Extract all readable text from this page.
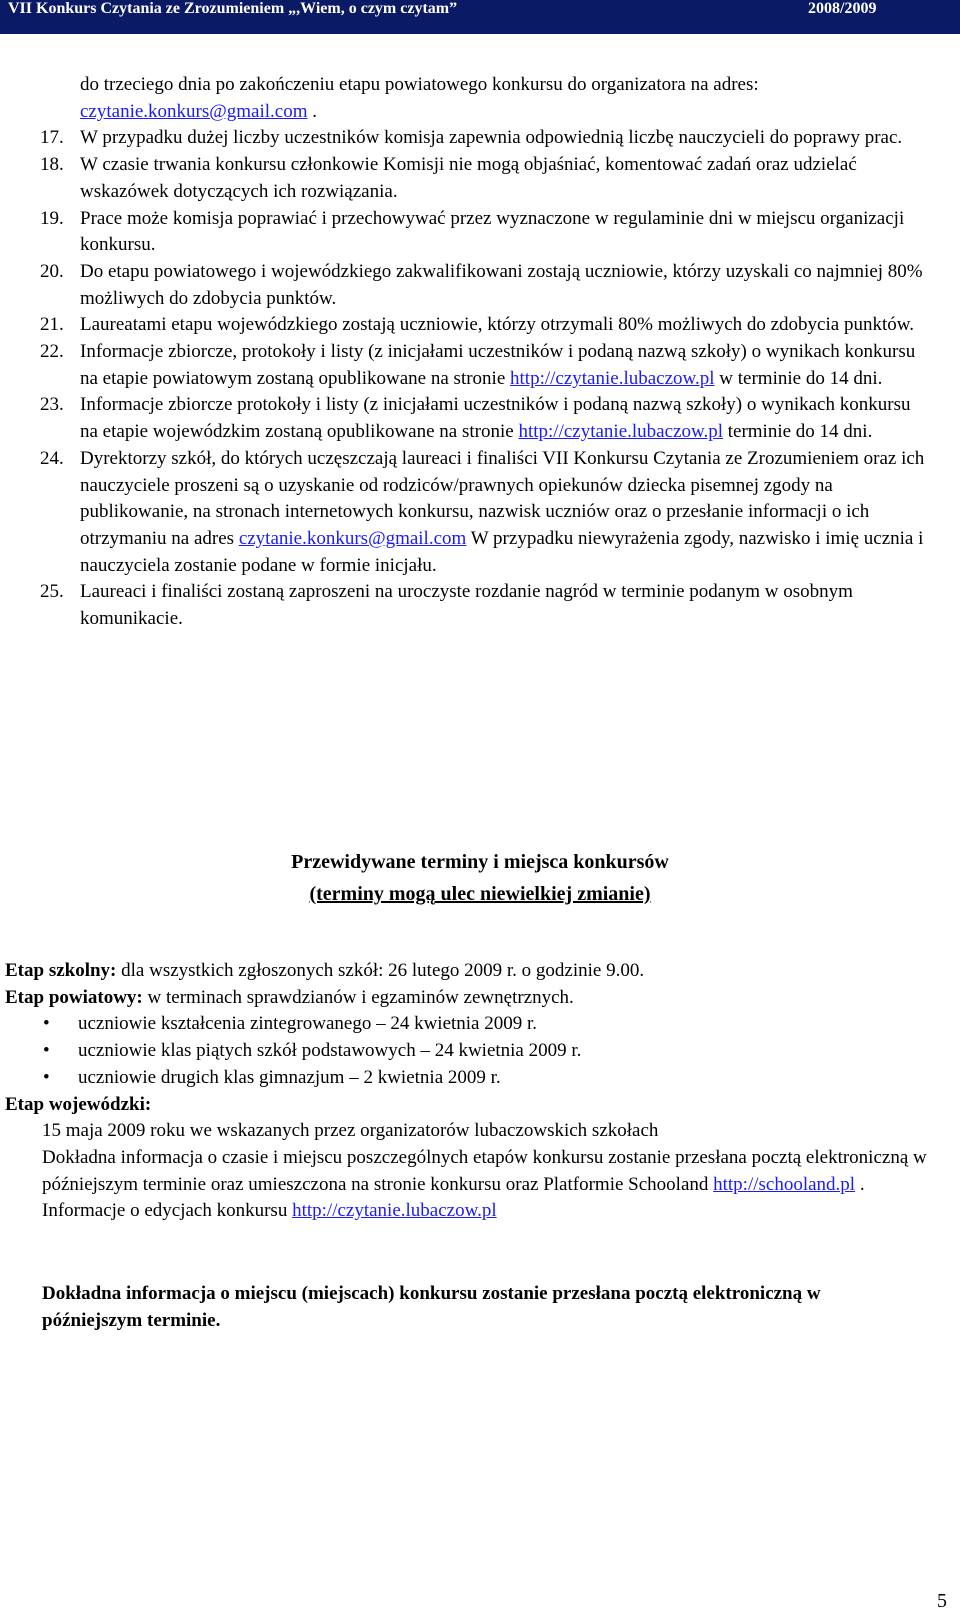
VII Konkurs Czytania ze Zrozumieniem „,Wiem, o czym czytam”	2008/2009

do trzeciego dnia po zakończeniu etapu powiatowego konkursu do organizatora na adres:
czytanie.konkurs@gmail.com .

17. W przypadku dużej liczby uczestników komisja zapewnia odpowiednią liczbę nauczycieli do poprawy prac.

18. W czasie trwania konkursu członkowie Komisji nie mogą objaśniać, komentować zadań oraz udzielać wskazówek dotyczących ich rozwiązania.

19. Prace może komisja poprawiać i przechowywać przez wyznaczone w regulaminie dni w miejscu organizacji konkursu.

20. Do etapu powiatowego i wojewódzkiego zakwalifikowani zostają uczniowie, którzy uzyskali co najmniej 80% możliwych do zdobycia punktów.

21. Laureatami etapu wojewódzkiego zostają uczniowie, którzy otrzymali 80% możliwych do zdobycia punktów.

22. Informacje zbiorcze, protokoły i listy (z inicjałami uczestników i podaną nazwą szkoły) o wynikach konkursu na etapie powiatowym zostaną opublikowane na stronie http://czytanie.lubaczow.pl w terminie do 14 dni.

23. Informacje zbiorcze protokoły i listy (z inicjałami uczestników i podaną nazwą szkoły) o wynikach konkursu na etapie wojewódzkim zostaną opublikowane na stronie http://czytanie.lubaczow.pl terminie do 14 dni.

24. Dyrektorzy szkół, do których uczęszczają laureaci i finaliści VII Konkursu Czytania ze Zrozumieniem oraz ich nauczyciele proszeni są o uzyskanie od rodziców/prawnych opiekunów dziecka pisemnej zgody na publikowanie, na stronach internetowych konkursu, nazwisk uczniów oraz o przesłanie informacji o ich otrzymaniu na adres czytanie.konkurs@gmail.com W przypadku niewyrażenia zgody, nazwisko i imię ucznia i nauczyciela zostanie podane w formie inicjału.

25. Laureaci i finaliści zostaną zaproszeni na uroczyste rozdanie nagród w terminie podanym w osobnym komunikacie.

Przewidywane terminy i miejsca konkursów
(terminy mogą ulec niewielkiej zmianie)

Etap szkolny: dla wszystkich zgłoszonych szkół: 26 lutego 2009 r. o godzinie 9.00.

Etap powiatowy: w terminach sprawdzianów i egzaminów zewnętrznych.

• uczniowie kształcenia zintegrowanego – 24 kwietnia 2009 r.
• uczniowie klas piątych szkół podstawowych – 24 kwietnia 2009 r.
• uczniowie drugich klas gimnazjum – 2 kwietnia 2009 r.

Etap wojewódzki:

15 maja 2009 roku we wskazanych przez organizatorów lubaczowskich szkołach

Dokładna informacja o czasie i miejscu poszczególnych etapów konkursu zostanie przesłana pocztą elektroniczną w późniejszym terminie oraz umieszczona na stronie konkursu oraz Platformie Schooland http://schooland.pl .

Informacje o edycjach konkursu http://czytanie.lubaczow.pl

Dokładna informacja o miejscu (miejscach) konkursu zostanie przesłana pocztą elektroniczną w późniejszym terminie.
5
